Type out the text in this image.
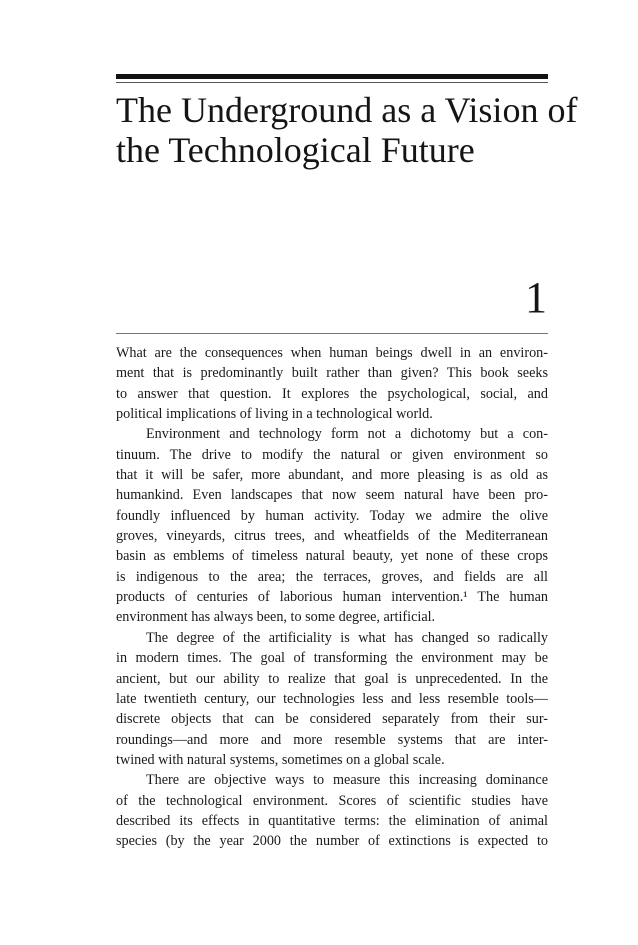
The Underground as a Vision of
the Technological Future
1
What are the consequences when human beings dwell in an environ-
ment that is predominantly built rather than given? This book seeks
to answer that question. It explores the psychological, social, and
political implications of living in a technological world.
Environment and technology form not a dichotomy but a con-
tinuum. The drive to modify the natural or given environment so
that it will be safer, more abundant, and more pleasing is as old as
humankind. Even landscapes that now seem natural have been pro-
foundly influenced by human activity. Today we admire the olive
groves, vineyards, citrus trees, and wheatfields of the Mediterranean
basin as emblems of timeless natural beauty, yet none of these crops
is indigenous to the area; the terraces, groves, and fields are all
products of centuries of laborious human intervention.¹ The human
environment has always been, to some degree, artificial.
The degree of the artificiality is what has changed so radically
in modern times. The goal of transforming the environment may be
ancient, but our ability to realize that goal is unprecedented. In the
late twentieth century, our technologies less and less resemble tools—
discrete objects that can be considered separately from their sur-
roundings—and more and more resemble systems that are inter-
twined with natural systems, sometimes on a global scale.
There are objective ways to measure this increasing dominance
of the technological environment. Scores of scientific studies have
described its effects in quantitative terms: the elimination of animal
species (by the year 2000 the number of extinctions is expected to
